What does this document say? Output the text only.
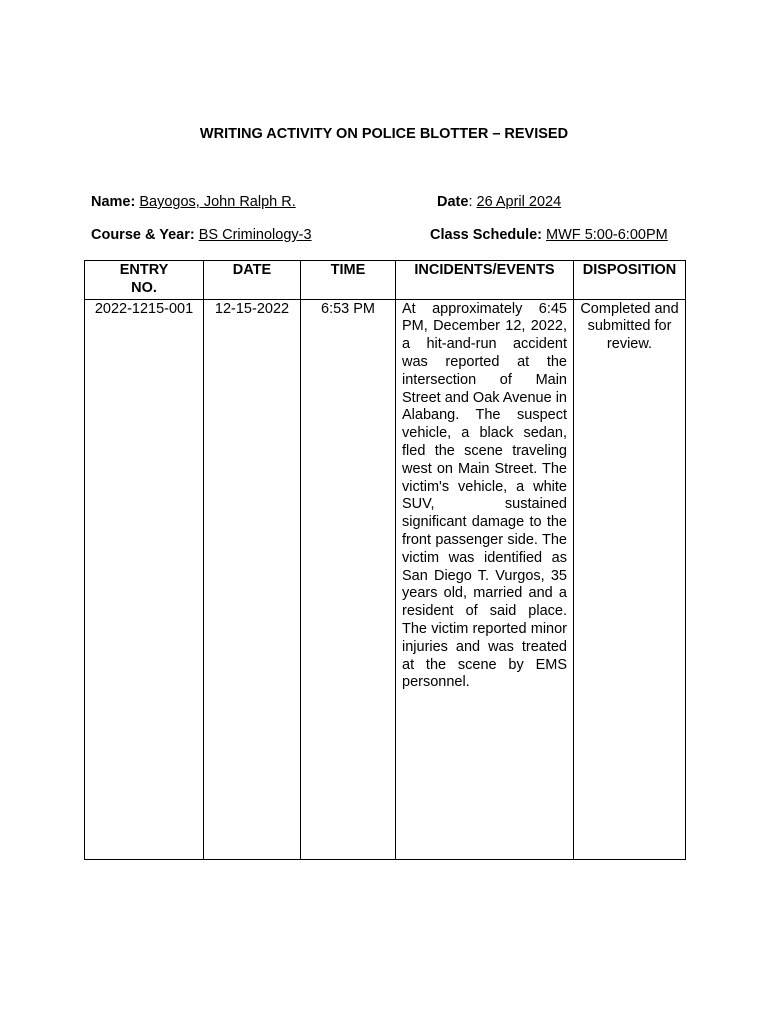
WRITING ACTIVITY ON POLICE BLOTTER – REVISED
Name: Bayogos, John Ralph R.	Date: 26 April 2024
Course & Year: BS Criminology-3	Class Schedule: MWF 5:00-6:00PM
ENTRY NO.	DATE	TIME	INCIDENTS/EVENTS	DISPOSITION
2022-1215-001	12-15-2022	6:53 PM	At approximately 6:45 PM, December 12, 2022, a hit-and-run accident was reported at the intersection of Main Street and Oak Avenue in Alabang. The suspect vehicle, a black sedan, fled the scene traveling west on Main Street. The victim's vehicle, a white SUV, sustained significant damage to the front passenger side. The victim was identified as San Diego T. Vurgos, 35 years old, married and a resident of said place. The victim reported minor injuries and was treated at the scene by EMS personnel.	Completed and submitted for review.
